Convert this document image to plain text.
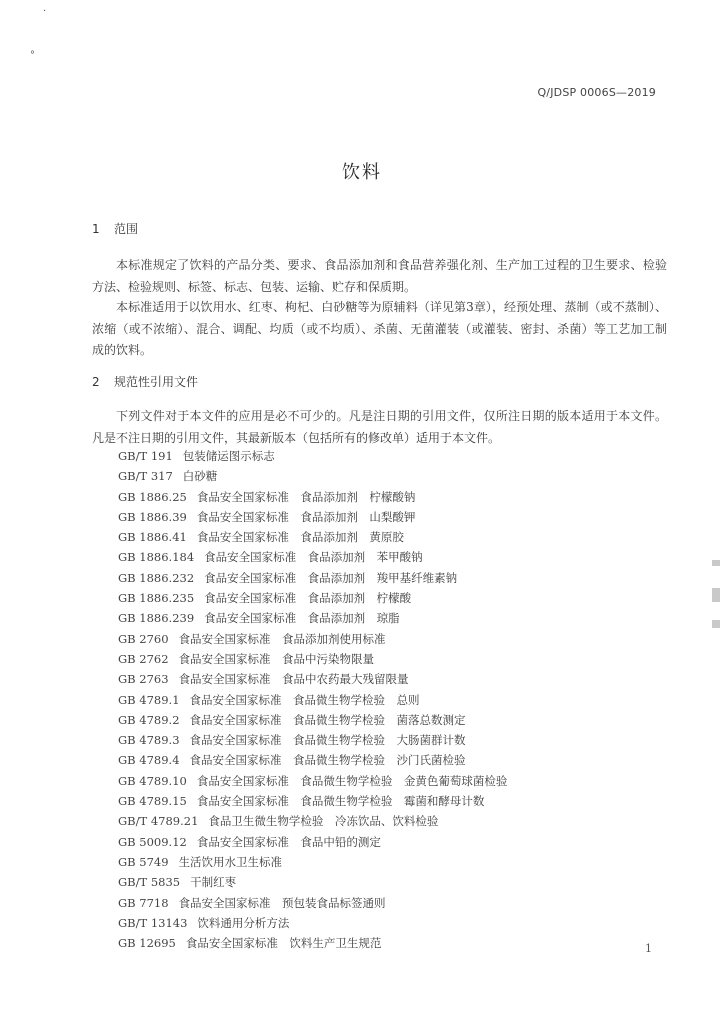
·
°
Q/JDSP 0006S—2019
饮料
1 范围

本标准规定了饮料的产品分类、要求、食品添加剂和食品营养强化剂、生产加工过程的卫生要求、检验方法、检验规则、标签、标志、包装、运输、贮存和保质期。

本标准适用于以饮用水、红枣、枸杞、白砂糖等为原辅料（详见第3章），经预处理、蒸制（或不蒸制）、浓缩（或不浓缩）、混合、调配、均质（或不均质）、杀菌、无菌灌装（或灌装、密封、杀菌）等工艺加工制成的饮料。

2 规范性引用文件

下列文件对于本文件的应用是必不可少的。凡是注日期的引用文件，仅所注日期的版本适用于本文件。凡是不注日期的引用文件，其最新版本（包括所有的修改单）适用于本文件。

GB/T 191 包装储运图示标志
GB/T 317 白砂糖
GB 1886.25 食品安全国家标准　食品添加剂　柠檬酸钠
GB 1886.39 食品安全国家标准　食品添加剂　山梨酸钾
GB 1886.41 食品安全国家标准　食品添加剂　黄原胶
GB 1886.184 食品安全国家标准　食品添加剂　苯甲酸钠
GB 1886.232 食品安全国家标准　食品添加剂　羧甲基纤维素钠
GB 1886.235 食品安全国家标准　食品添加剂　柠檬酸
GB 1886.239 食品安全国家标准　食品添加剂　琼脂
GB 2760 食品安全国家标准　食品添加剂使用标准
GB 2762 食品安全国家标准　食品中污染物限量
GB 2763 食品安全国家标准　食品中农药最大残留限量
GB 4789.1 食品安全国家标准　食品微生物学检验　总则
GB 4789.2 食品安全国家标准　食品微生物学检验　菌落总数测定
GB 4789.3 食品安全国家标准　食品微生物学检验　大肠菌群计数
GB 4789.4 食品安全国家标准　食品微生物学检验　沙门氏菌检验
GB 4789.10 食品安全国家标准　食品微生物学检验　金黄色葡萄球菌检验
GB 4789.15 食品安全国家标准　食品微生物学检验　霉菌和酵母计数
GB/T 4789.21 食品卫生微生物学检验　冷冻饮品、饮料检验
GB 5009.12 食品安全国家标准　食品中铅的测定
GB 5749 生活饮用水卫生标准
GB/T 5835 干制红枣
GB 7718 食品安全国家标准　预包装食品标签通则
GB/T 13143 饮料通用分析方法
GB 12695 食品安全国家标准　饮料生产卫生规范	1
